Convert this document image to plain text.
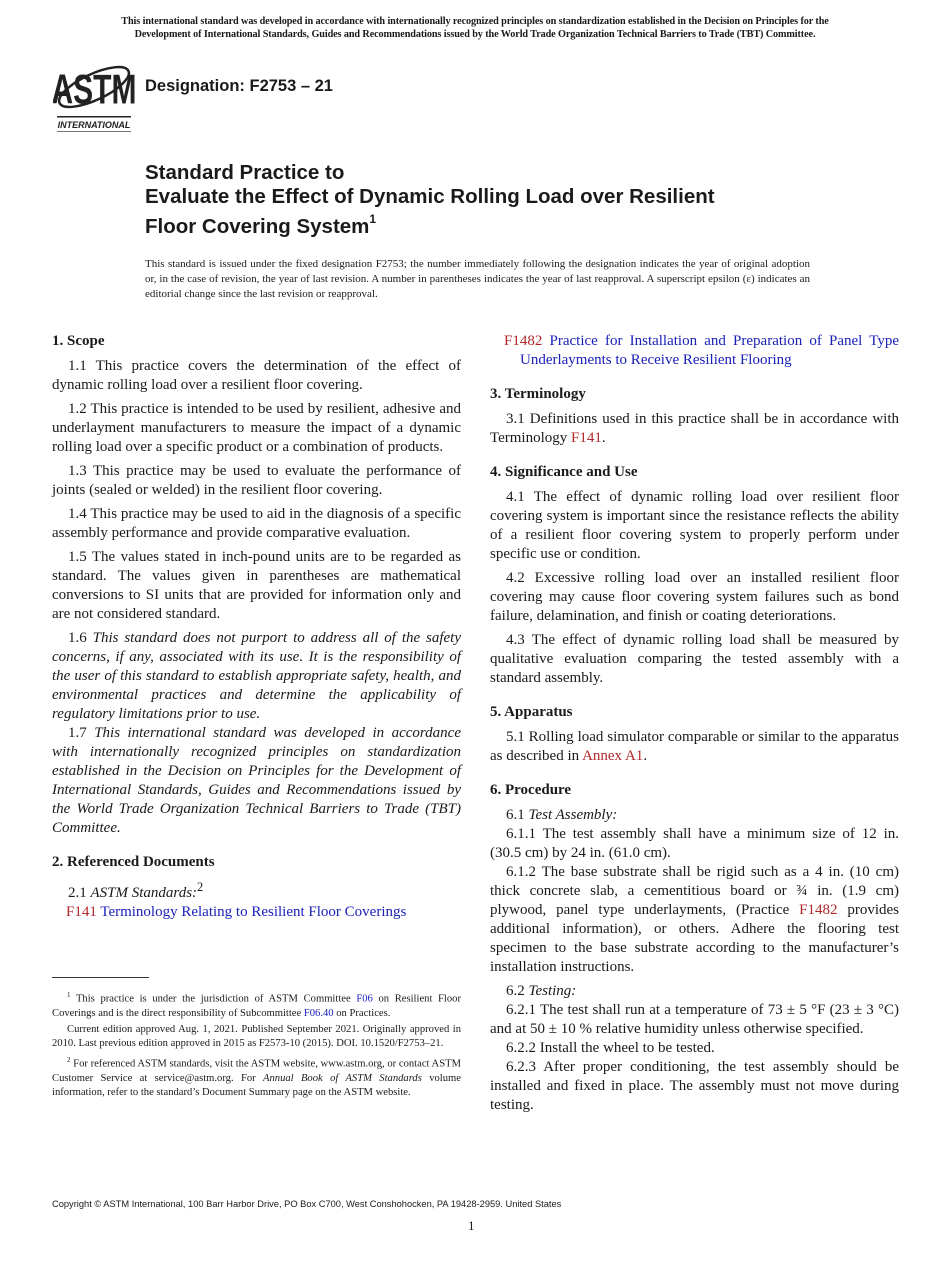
This international standard was developed in accordance with internationally recognized principles on standardization established in the Decision on Principles for the
Development of International Standards, Guides and Recommendations issued by the World Trade Organization Technical Barriers to Trade (TBT) Committee.
ASTM
INTERNATIONAL
Designation: F2753 – 21
Standard Practice to
Evaluate the Effect of Dynamic Rolling Load over Resilient
Floor Covering System$^1$
This standard is issued under the fixed designation F2753; the number immediately following the designation indicates the year of original adoption or, in the case of revision, the year of last revision. A number in parentheses indicates the year of last reapproval. A superscript epsilon (ε) indicates an editorial change since the last revision or reapproval.
1. Scope
1.1 This practice covers the determination of the effect of dynamic rolling load over a resilient floor covering.
1.2 This practice is intended to be used by resilient, adhesive and underlayment manufacturers to measure the impact of a dynamic rolling load over a specific product or a combination of products.
1.3 This practice may be used to evaluate the performance of joints (sealed or welded) in the resilient floor covering.
1.4 This practice may be used to aid in the diagnosis of a specific assembly performance and provide comparative evaluation.
1.5 The values stated in inch-pound units are to be regarded as standard. The values given in parentheses are mathematical conversions to SI units that are provided for information only and are not considered standard.
1.6 This standard does not purport to address all of the safety concerns, if any, associated with its use. It is the responsibility of the user of this standard to establish appropriate safety, health, and environmental practices and determine the applicability of regulatory limitations prior to use.
1.7 This international standard was developed in accordance with internationally recognized principles on standardization established in the Decision on Principles for the Development of International Standards, Guides and Recommendations issued by the World Trade Organization Technical Barriers to Trade (TBT) Committee.
2. Referenced Documents
2.1 ASTM Standards:$^2$
F141 Terminology Relating to Resilient Floor Coverings
F1482 Practice for Installation and Preparation of Panel Type Underlayments to Receive Resilient Flooring
3. Terminology
3.1 Definitions used in this practice shall be in accordance with Terminology F141.
4. Significance and Use
4.1 The effect of dynamic rolling load over resilient floor covering system is important since the resistance reflects the ability of a resilient floor covering system to properly perform under specific use or condition.
4.2 Excessive rolling load over an installed resilient floor covering may cause floor covering system failures such as bond failure, delamination, and finish or coating deteriorations.
4.3 The effect of dynamic rolling load shall be measured by qualitative evaluation comparing the tested assembly with a standard assembly.
5. Apparatus
5.1 Rolling load simulator comparable or similar to the apparatus as described in Annex A1.
6. Procedure
6.1 Test Assembly:
6.1.1 The test assembly shall have a minimum size of 12 in. (30.5 cm) by 24 in. (61.0 cm).
6.1.2 The base substrate shall be rigid such as a 4 in. (10 cm) thick concrete slab, a cementitious board or ¾ in. (1.9 cm) plywood, panel type underlayments, (Practice F1482 provides additional information), or others. Adhere the flooring test specimen to the base substrate according to the manufacturer’s installation instructions.
6.2 Testing:
6.2.1 The test shall run at a temperature of 73 ± 5 °F (23 ± 3 °C) and at 50 ± 10 % relative humidity unless otherwise specified.
6.2.2 Install the wheel to be tested.
6.2.3 After proper conditioning, the test assembly should be installed and fixed in place. The assembly must not move during testing.

$^1$ This practice is under the jurisdiction of ASTM Committee F06 on Resilient Floor Coverings and is the direct responsibility of Subcommittee F06.40 on Practices.

Current edition approved Aug. 1, 2021. Published September 2021. Originally approved in 2010. Last previous edition approved in 2015 as F2573-10 (2015). DOI. 10.1520/F2753–21.

$^2$ For referenced ASTM standards, visit the ASTM website, www.astm.org, or contact ASTM Customer Service at service@astm.org. For Annual Book of ASTM Standards volume information, refer to the standard’s Document Summary page on the ASTM website.

Copyright © ASTM International, 100 Barr Harbor Drive, PO Box C700, West Conshohocken, PA 19428-2959. United States
1
